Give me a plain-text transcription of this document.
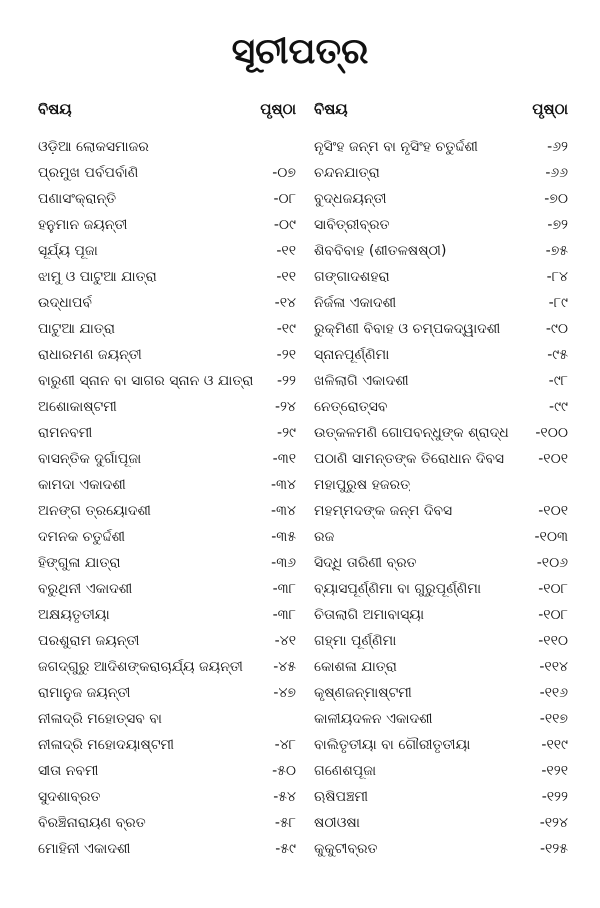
ସୂଚୀପତ୍ର
ବିଷୟ	ପୃଷ୍ଠା
ଓଡ଼ିଆ ଲୋକସମାଜର
ପ୍ରମୁଖ ପର୍ବପର୍ବାଣି	-୦୭
ପଣାସଂକ୍ରାନ୍ତି	-୦୮
ହନୁମାନ ଜୟନ୍ତୀ	-୦୯
ସୂର୍ଯ୍ୟ ପୂଜା	-୧୧
ଝାମୁ ଓ ପାଟୁଆ ଯାତ୍ରା	-୧୧
ଉଦ୍ଧାପର୍ବ	-୧୪
ପାଟୁଆ ଯାତ୍ରା	-୧୯
ରାଧାରମଣ ଜୟନ୍ତୀ	-୨୧
ବାରୁଣୀ ସ୍ନାନ ବା ସାଗର ସ୍ନାନ ଓ ଯାତ୍ରା -୨୨
ଅଶୋକାଷ୍ଟମୀ	-୨୪
ରାମନବମୀ	-୨୯
ବାସନ୍ତିକ ଦୁର୍ଗାପୂଜା	-୩୧
କାମଦା ଏକାଦଶୀ	-୩୪
ଅନଙ୍ଗ ତ୍ରୟୋଦଶୀ	-୩୪
ଦମନକ ଚତୁର୍ଦ୍ଦଶୀ	-୩୫
ହିଙ୍ଗୁଳା ଯାତ୍ରା	-୩୬
ବରୁଥିନୀ ଏକାଦଶୀ	-୩୮
ଅକ୍ଷୟତୃତୀୟା	-୩୮
ପରଶୁରାମ ଜୟନ୍ତୀ	-୪୧
ଜଗଦ୍‌ଗୁରୁ ଆଦିଶଙ୍କରାଚାର୍ଯ୍ୟ ଜୟନ୍ତୀ -୪୫
ରାମାନୁଜ ଜୟନ୍ତୀ	-୪୭
ନୀଳାଦ୍ରି ମହୋତ୍ସବ ବା
ନୀଳାଦ୍ରି ମହୋଦୟାଷ୍ଟମୀ	-୪୮
ସୀତା ନବମୀ	-୫୦
ସୁଦଶାବ୍ରତ	-୫୪
ବିରଞ୍ଚିନାରାୟଣ ବ୍ରତ	-୫୮
ମୋହିନୀ ଏକାଦଶୀ	-୫୯
ବିଷୟ	ପୃଷ୍ଠା
ନୃସିଂହ ଜନ୍ମ ବା ନୃସିଂହ ଚତୁର୍ଦ୍ଦଶୀ	-୬୨
ଚନ୍ଦନଯାତ୍ରା	-୬୬
ବୁଦ୍ଧଜୟନ୍ତୀ	-୭୦
ସାବିତ୍ରୀବ୍ରତ	-୭୨
ଶିବବିବାହ (ଶୀତଳଷଷ୍ଠୀ)	-୭୫
ଗଙ୍ଗାଦଶହରା	-୮୪
ନିର୍ଜଳା ଏକାଦଶୀ	-୮୯
ରୁକ୍ମିଣୀ ବିବାହ ଓ ଚମ୍ପକଦ୍ୱାଦଶୀ	-୯୦
ସ୍ନାନପୂର୍ଣ୍ଣିମା	-୯୫
ଖଳିଲାଗି ଏକାଦଶୀ	-୯୮
ନେତ୍ରୋତ୍ସବ	-୯୯
ଉତ୍କଳମଣି ଗୋପବନ୍ଧୁଙ୍କ ଶ୍ରାଦ୍ଧ -୧୦୦
ପଠାଣି ସାମନ୍ତଙ୍କ ତିରୋଧାନ ଦିବସ -୧୦୧
ମହାପୁରୁଷ ହଜରତ୍
ମହମ୍ମଦଙ୍କ ଜନ୍ମ ଦିବସ	-୧୦୧
ରଜ	-୧୦୩
ସିଦ୍ଧି ତାରିଣୀ ବ୍ରତ	-୧୦୬
ବ୍ୟାସପୂର୍ଣ୍ଣିମା ବା ଗୁରୁପୂର୍ଣ୍ଣିମା	-୧୦୮
ଚିତାଲାଗି ଅମାବାସ୍ୟା	-୧୦୮
ଗହ୍ମା ପୂର୍ଣ୍ଣିମା	-୧୧୦
କୋଶଳା ଯାତ୍ରା	-୧୧୪
କୃଷ୍ଣଜନ୍ମାଷ୍ଟମୀ	-୧୧୬
କାଳୀୟଦଳନ ଏକାଦଶୀ	-୧୧୭
ବାଲିତୃତୀୟା ବା ଗୌରୀତୃତୀୟା	-୧୧୯
ଗଣେଶପୂଜା	-୧୨୧
ଋଷିପଞ୍ଚମୀ	-୧୨୨
ଷଠୀଓଷା	-୧୨୪
କୁକୁଟୀବ୍ରତ	-୧୨୫
